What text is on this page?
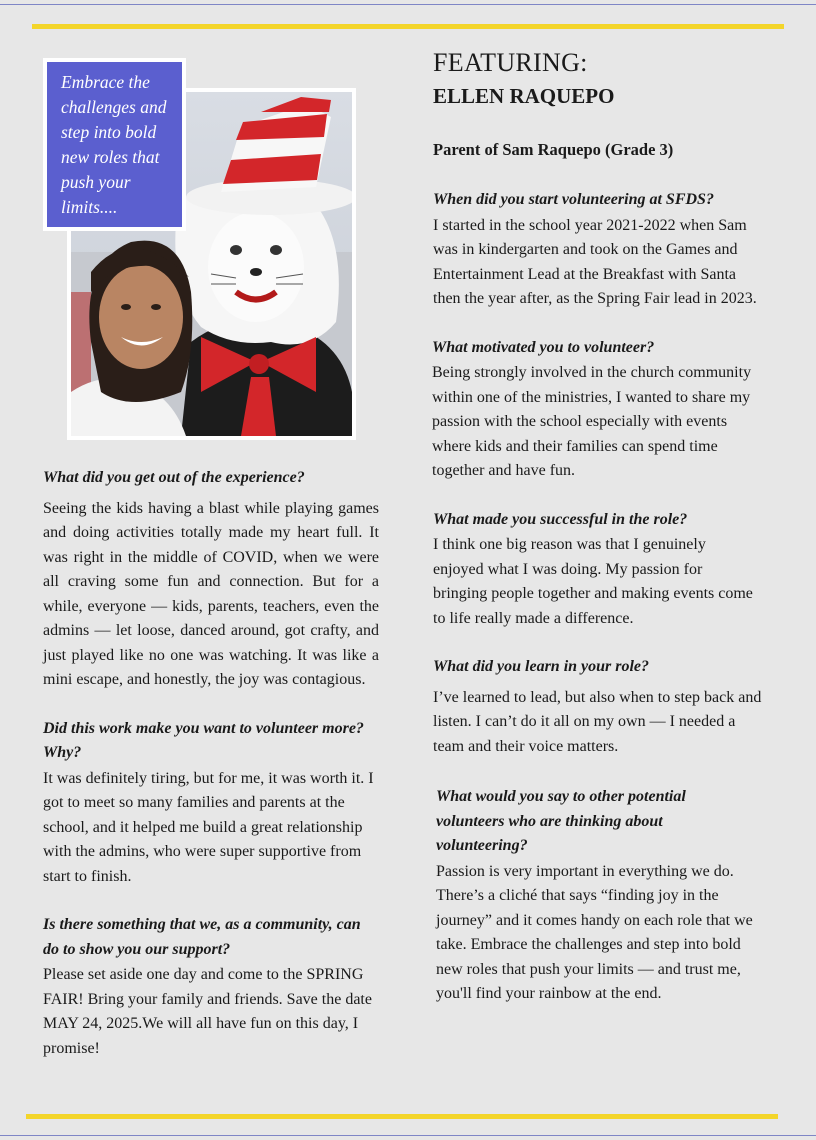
Embrace the challenges and step into bold new roles that push your limits....
What did you get out of the experience?
Seeing the kids having a blast while playing games and doing activities totally made my heart full. It was right in the middle of COVID, when we were all craving some fun and connection. But for a while, everyone — kids, parents, teachers, even the admins — let loose, danced around, got crafty, and just played like no one was watching. It was like a mini escape, and honestly, the joy was contagious.
Did this work make you want to volunteer more? Why?
It was definitely tiring, but for me, it was worth it. I got to meet so many families and parents at the school, and it helped me build a great relationship with the admins, who were super supportive from start to finish.
Is there something that we, as a community, can do to show you our support?
Please set aside one day and come to the SPRING FAIR! Bring your family and friends. Save the date MAY 24, 2025.We will all have fun on this day, I promise!
FEATURING:
ELLEN RAQUEPO
Parent of Sam Raquepo (Grade 3)
When did you start volunteering at SFDS?
I started in the school year 2021-2022 when Sam was in kindergarten and took on the Games and Entertainment Lead at the Breakfast with Santa then the year after, as the Spring Fair lead in 2023.
What motivated you to volunteer?
Being strongly involved in the church community within one of the ministries, I wanted to share my passion with the school especially with events where kids and their families can spend time together and have fun.
What made you successful in the role?
I think one big reason was that I genuinely enjoyed what I was doing. My passion for bringing people together and making events come to life really made a difference.
What did you learn in your role?
I’ve learned to lead, but also when to step back and listen. I can’t do it all on my own — I needed a team and their voice matters.
What would you say to other potential volunteers who are thinking about volunteering?
Passion is very important in everything we do. There’s a cliché that says “finding joy in the journey” and it comes handy on each role that we take. Embrace the challenges and step into bold new roles that push your limits — and trust me, you'll find your rainbow at the end.
